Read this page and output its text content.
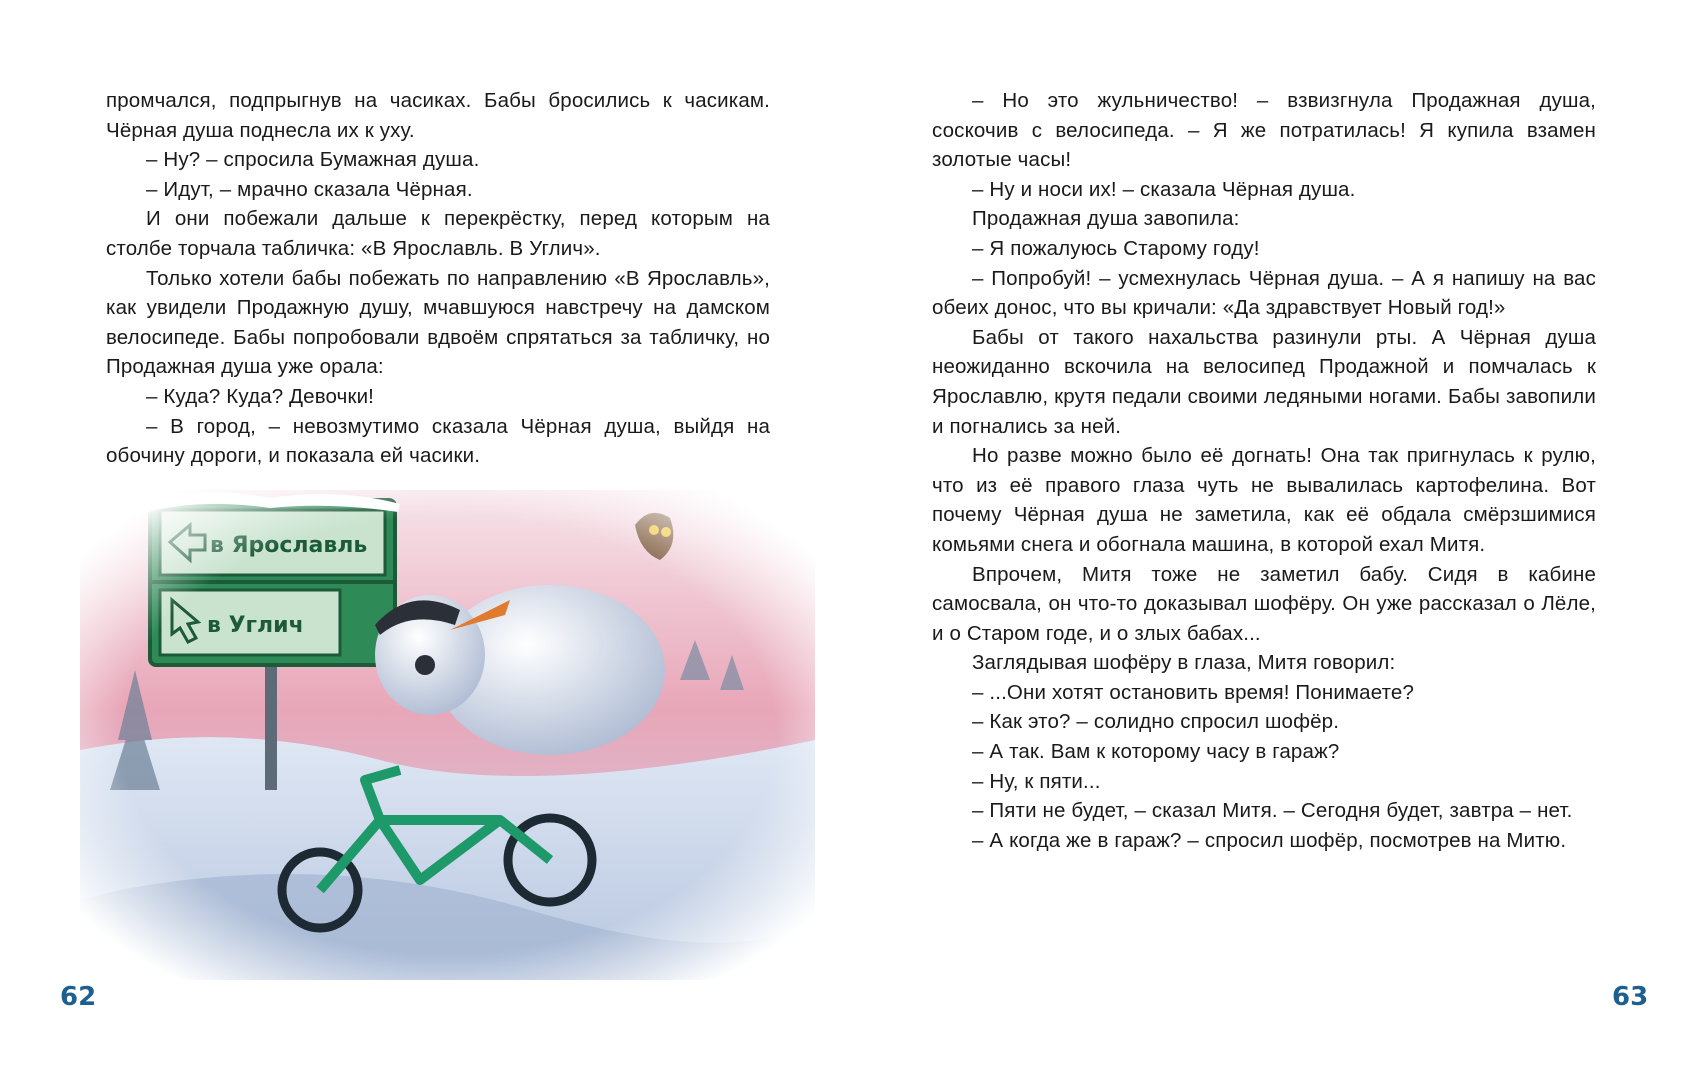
промчался, подпрыгнув на часиках. Бабы бросились к часикам. Чёрная душа поднесла их к уху.

– Ну? – спросила Бумажная душа.

– Идут, – мрачно сказала Чёрная.

И они побежали дальше к перекрёстку, перед которым на столбе торчала табличка: «В Ярославль. В Углич».

Только хотели бабы побежать по направлению «В Ярославль», как увидели Продажную душу, мчавшуюся навстречу на дамском велосипеде. Бабы попробовали вдвоём спрятаться за табличку, но Продажная душа уже орала:

– Куда? Куда? Девочки!

– В город, – невозмутимо сказала Чёрная душа, выйдя на обочину дороги, и показала ей часики.

62

– Но это жульничество! – взвизгнула Продажная душа, соскочив с велосипеда. – Я же потратилась! Я купила взамен золотые часы!

– Ну и носи их! – сказала Чёрная душа.

Продажная душа завопила:

– Я пожалуюсь Старому году!

– Попробуй! – усмехнулась Чёрная душа. – А я напишу на вас обеих донос, что вы кричали: «Да здравствует Новый год!»

Бабы от такого нахальства разинули рты. А Чёрная душа неожиданно вскочила на велосипед Продажной и помчалась к Ярославлю, крутя педали своими ледяными ногами. Бабы завопили и погнались за ней.

Но разве можно было её догнать! Она так пригнулась к рулю, что из её правого глаза чуть не вывалилась картофелина. Вот почему Чёрная душа не заметила, как её обдала смёрзшимися комьями снега и обогнала машина, в которой ехал Митя.

Впрочем, Митя тоже не заметил бабу. Сидя в кабине самосвала, он что-то доказывал шофёру. Он уже рассказал о Лёле, и о Старом годе, и о злых бабах...

Заглядывая шофёру в глаза, Митя говорил:

– ...Они хотят остановить время! Понимаете?

– Как это? – солидно спросил шофёр.

– А так. Вам к которому часу в гараж?

– Ну, к пяти...

– Пяти не будет, – сказал Митя. – Сегодня будет, завтра – нет.

– А когда же в гараж? – спросил шофёр, посмотрев на Митю.

63
